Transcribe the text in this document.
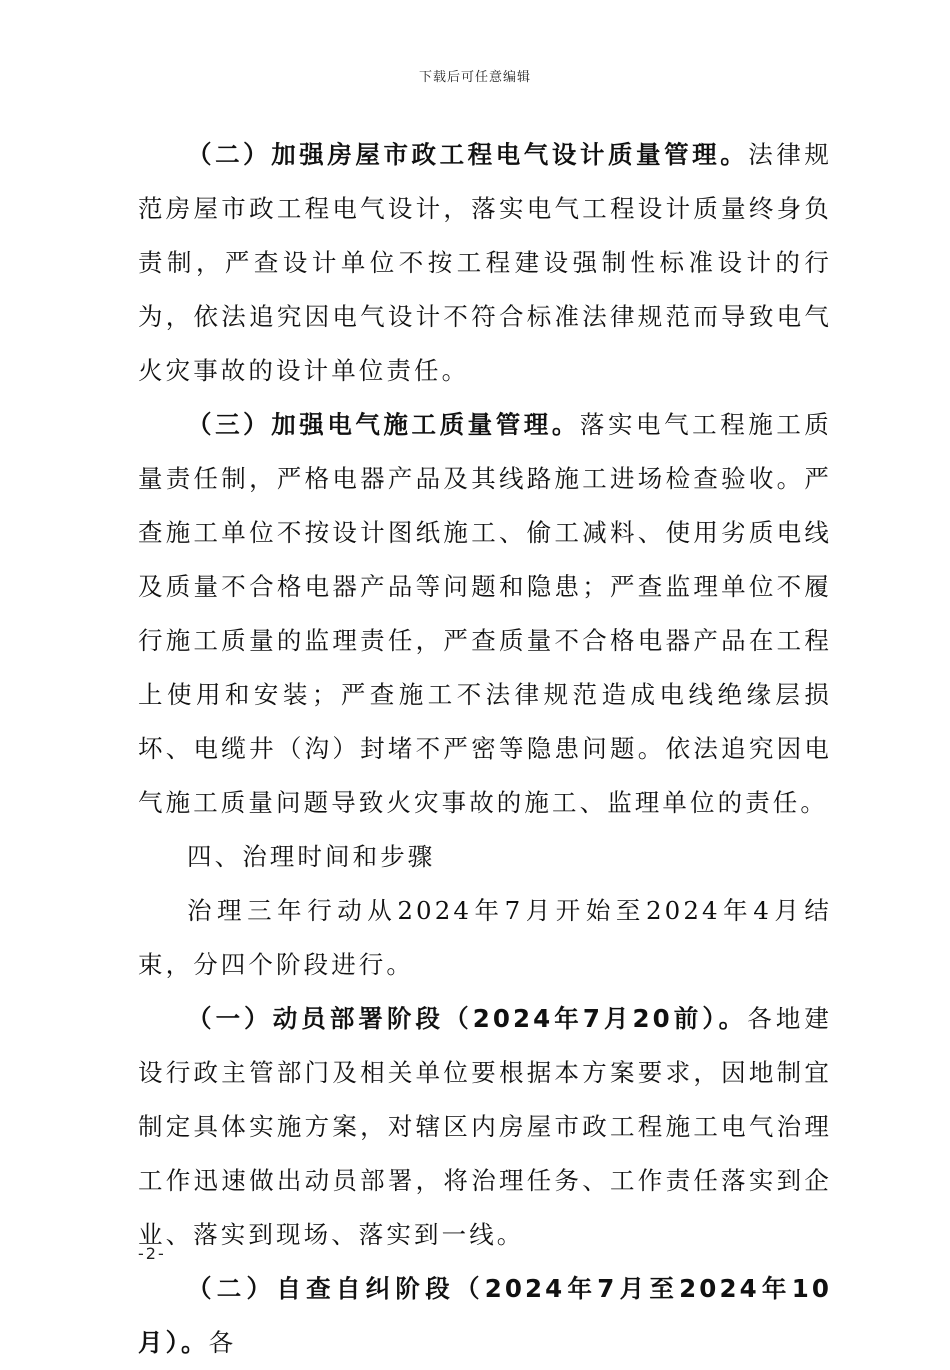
下载后可任意编辑

（二）加强房屋市政工程电气设计质量管理。法律规范房屋市政工程电气设计，落实电气工程设计质量终身负责制，严查设计单位不按工程建设强制性标准设计的行为，依法追究因电气设计不符合标准法律规范而导致电气火灾事故的设计单位责任。

（三）加强电气施工质量管理。落实电气工程施工质量责任制，严格电器产品及其线路施工进场检查验收。严查施工单位不按设计图纸施工、偷工减料、使用劣质电线及质量不合格电器产品等问题和隐患；严查监理单位不履行施工质量的监理责任，严查质量不合格电器产品在工程上使用和安装；严查施工不法律规范造成电线绝缘层损坏、电缆井（沟）封堵不严密等隐患问题。依法追究因电气施工质量问题导致火灾事故的施工、监理单位的责任。

四、治理时间和步骤

治理三年行动从2024年7月开始至2024年4月结束，分四个阶段进行。

（一）动员部署阶段（2024年7月20前）。各地建设行政主管部门及相关单位要根据本方案要求，因地制宜制定具体实施方案，对辖区内房屋市政工程施工电气治理工作迅速做出动员部署，将治理任务、工作责任落实到企业、落实到现场、落实到一线。

（二）自查自纠阶段（2024年7月至2024年10月）。各

-2-
